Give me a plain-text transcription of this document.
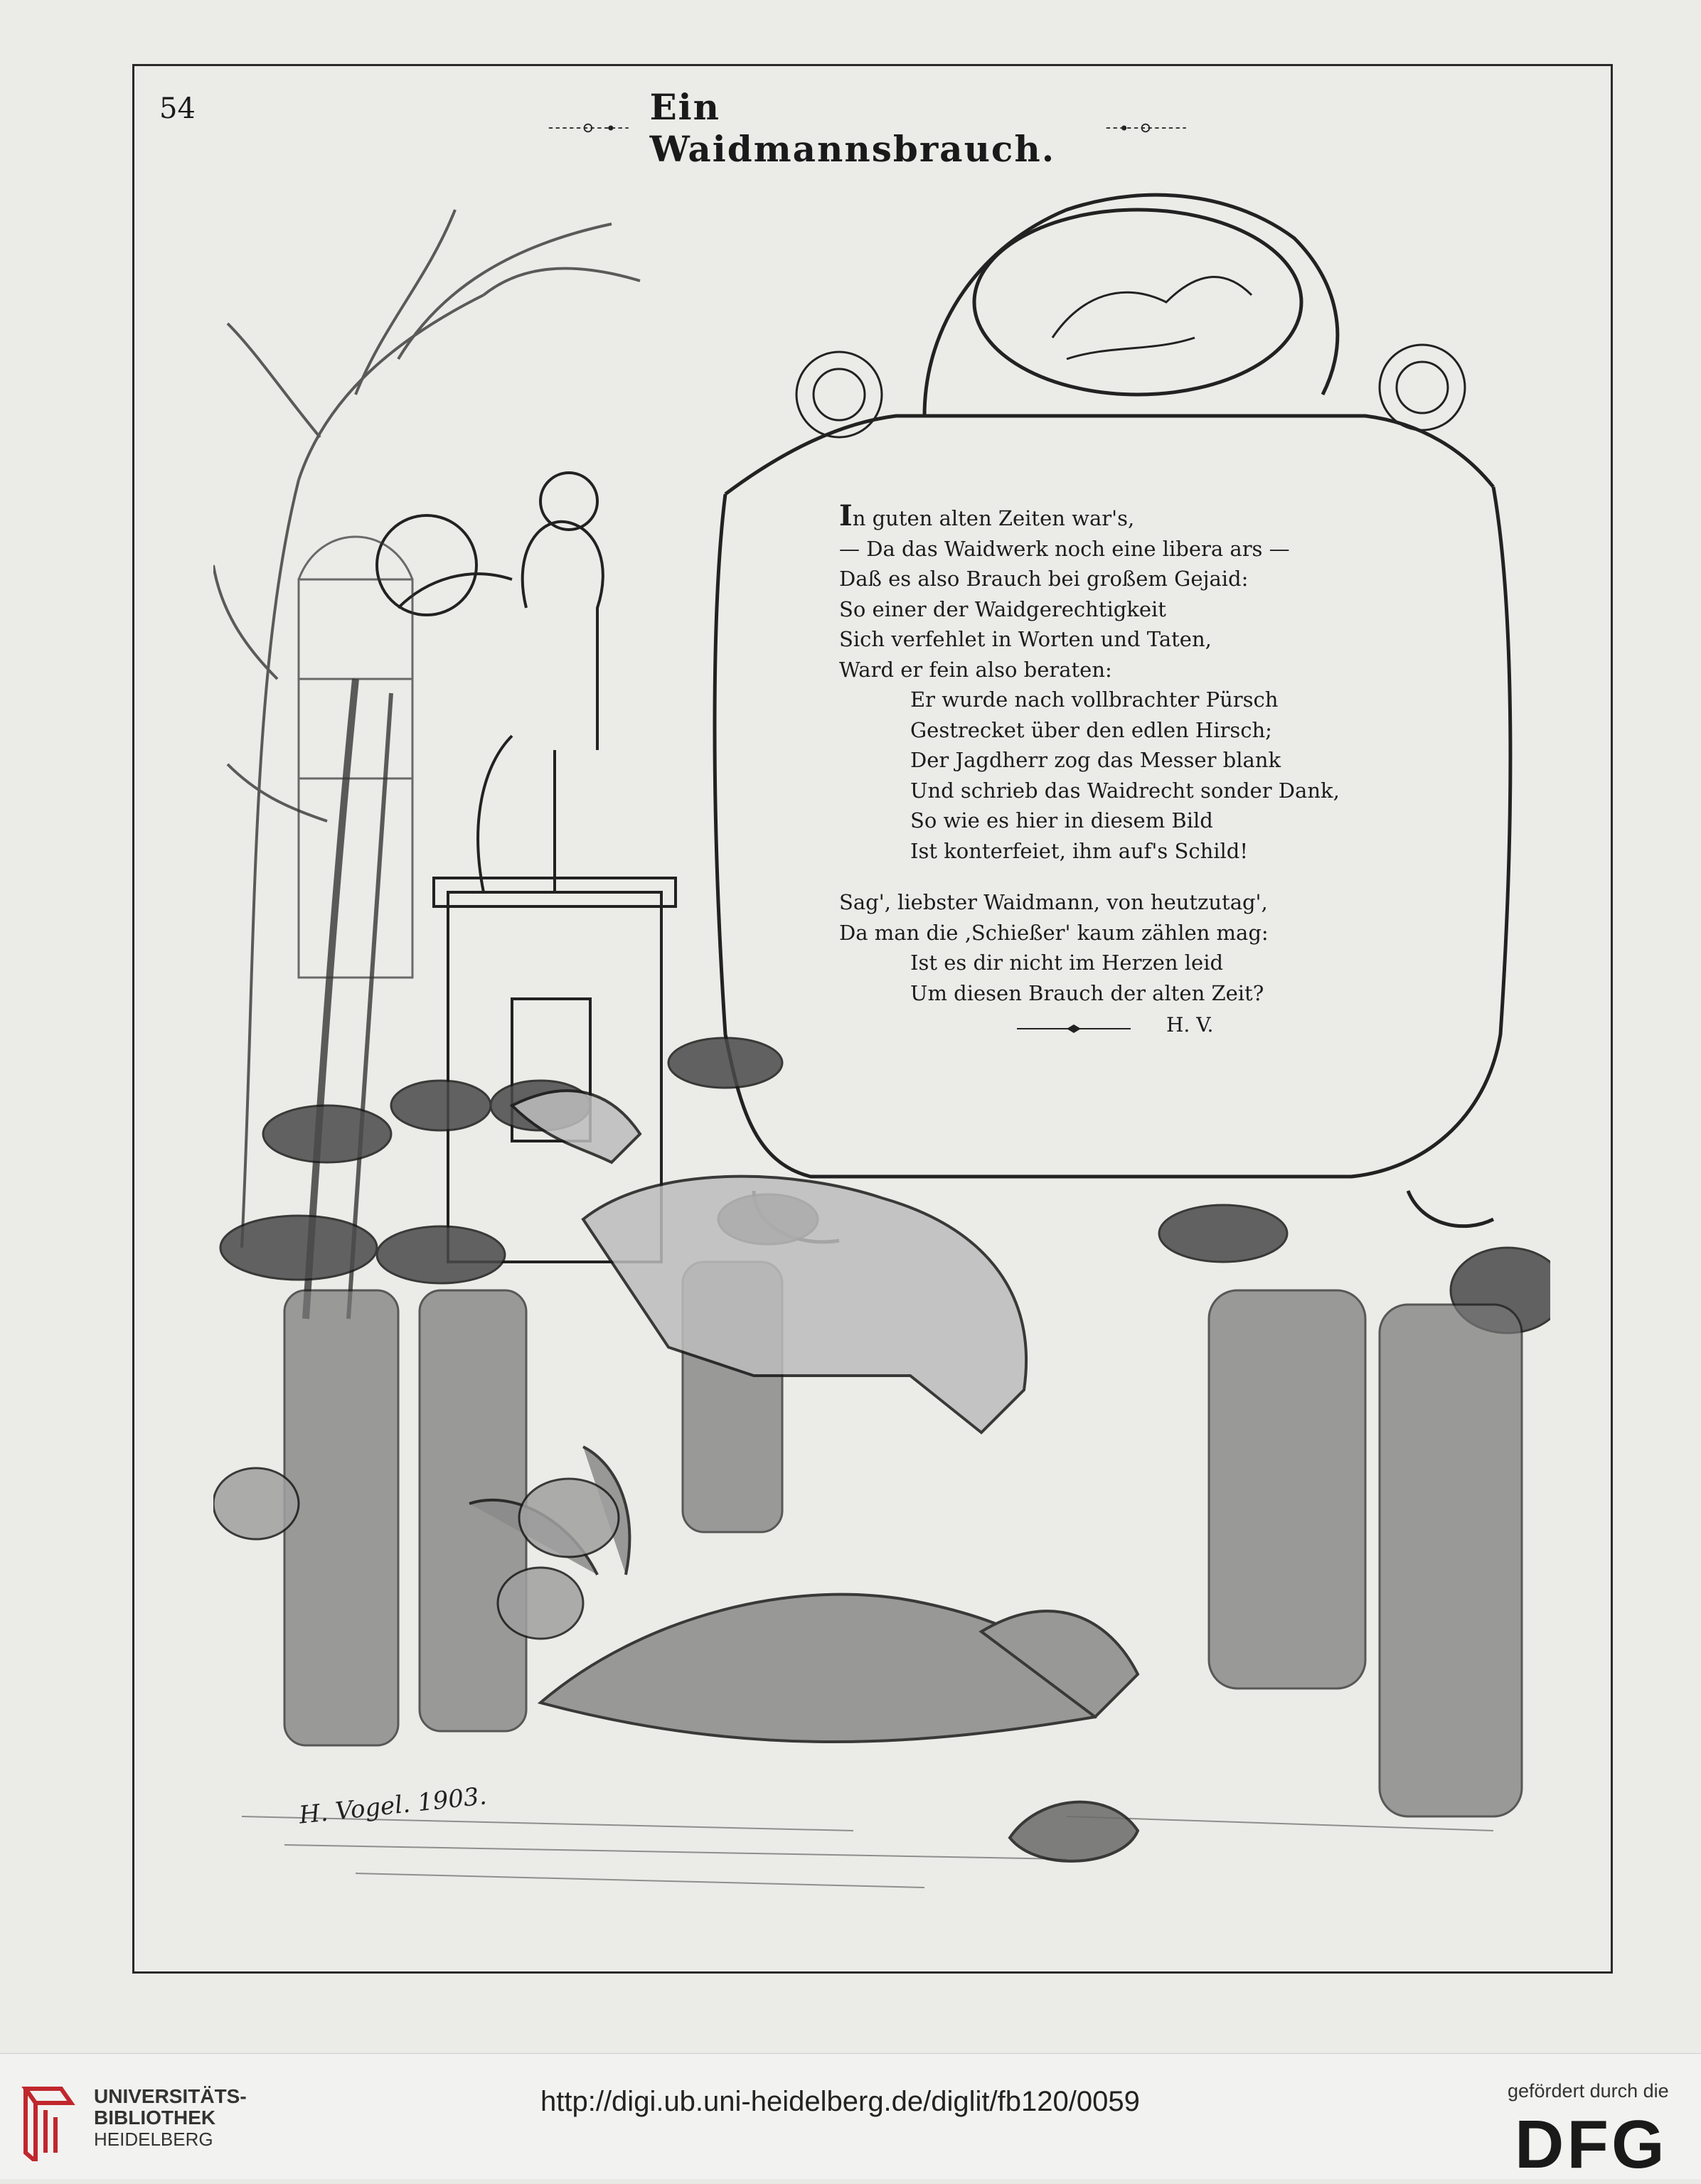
54	Ein Waidmannsbrauch.
In guten alten Zeiten war's,
— Da das Waidwerk noch eine libera ars —
Daß es also Brauch bei großem Gejaid:
So einer der Waidgerechtigkeit
Sich verfehlet in Worten und Taten,
Ward er fein also beraten:
Er wurde nach vollbrachter Pürsch
Gestrecket über den edlen Hirsch;
Der Jagdherr zog das Messer blank
Und schrieb das Waidrecht sonder Dank,
So wie es hier in diesem Bild
Ist konterfeiet, ihm auf's Schild!
Sag', liebster Waidmann, von heutzutag',
Da man die ‚Schießer' kaum zählen mag:
Ist es dir nicht im Herzen leid
Um diesen Brauch der alten Zeit?
H. V.
H. Vogel. 1903.
UNIVERSITÄTS-
BIBLIOTHEK
HEIDELBERG
http://digi.ub.uni-heidelberg.de/diglit/fb120/0059	gefördert durch die
DFG
